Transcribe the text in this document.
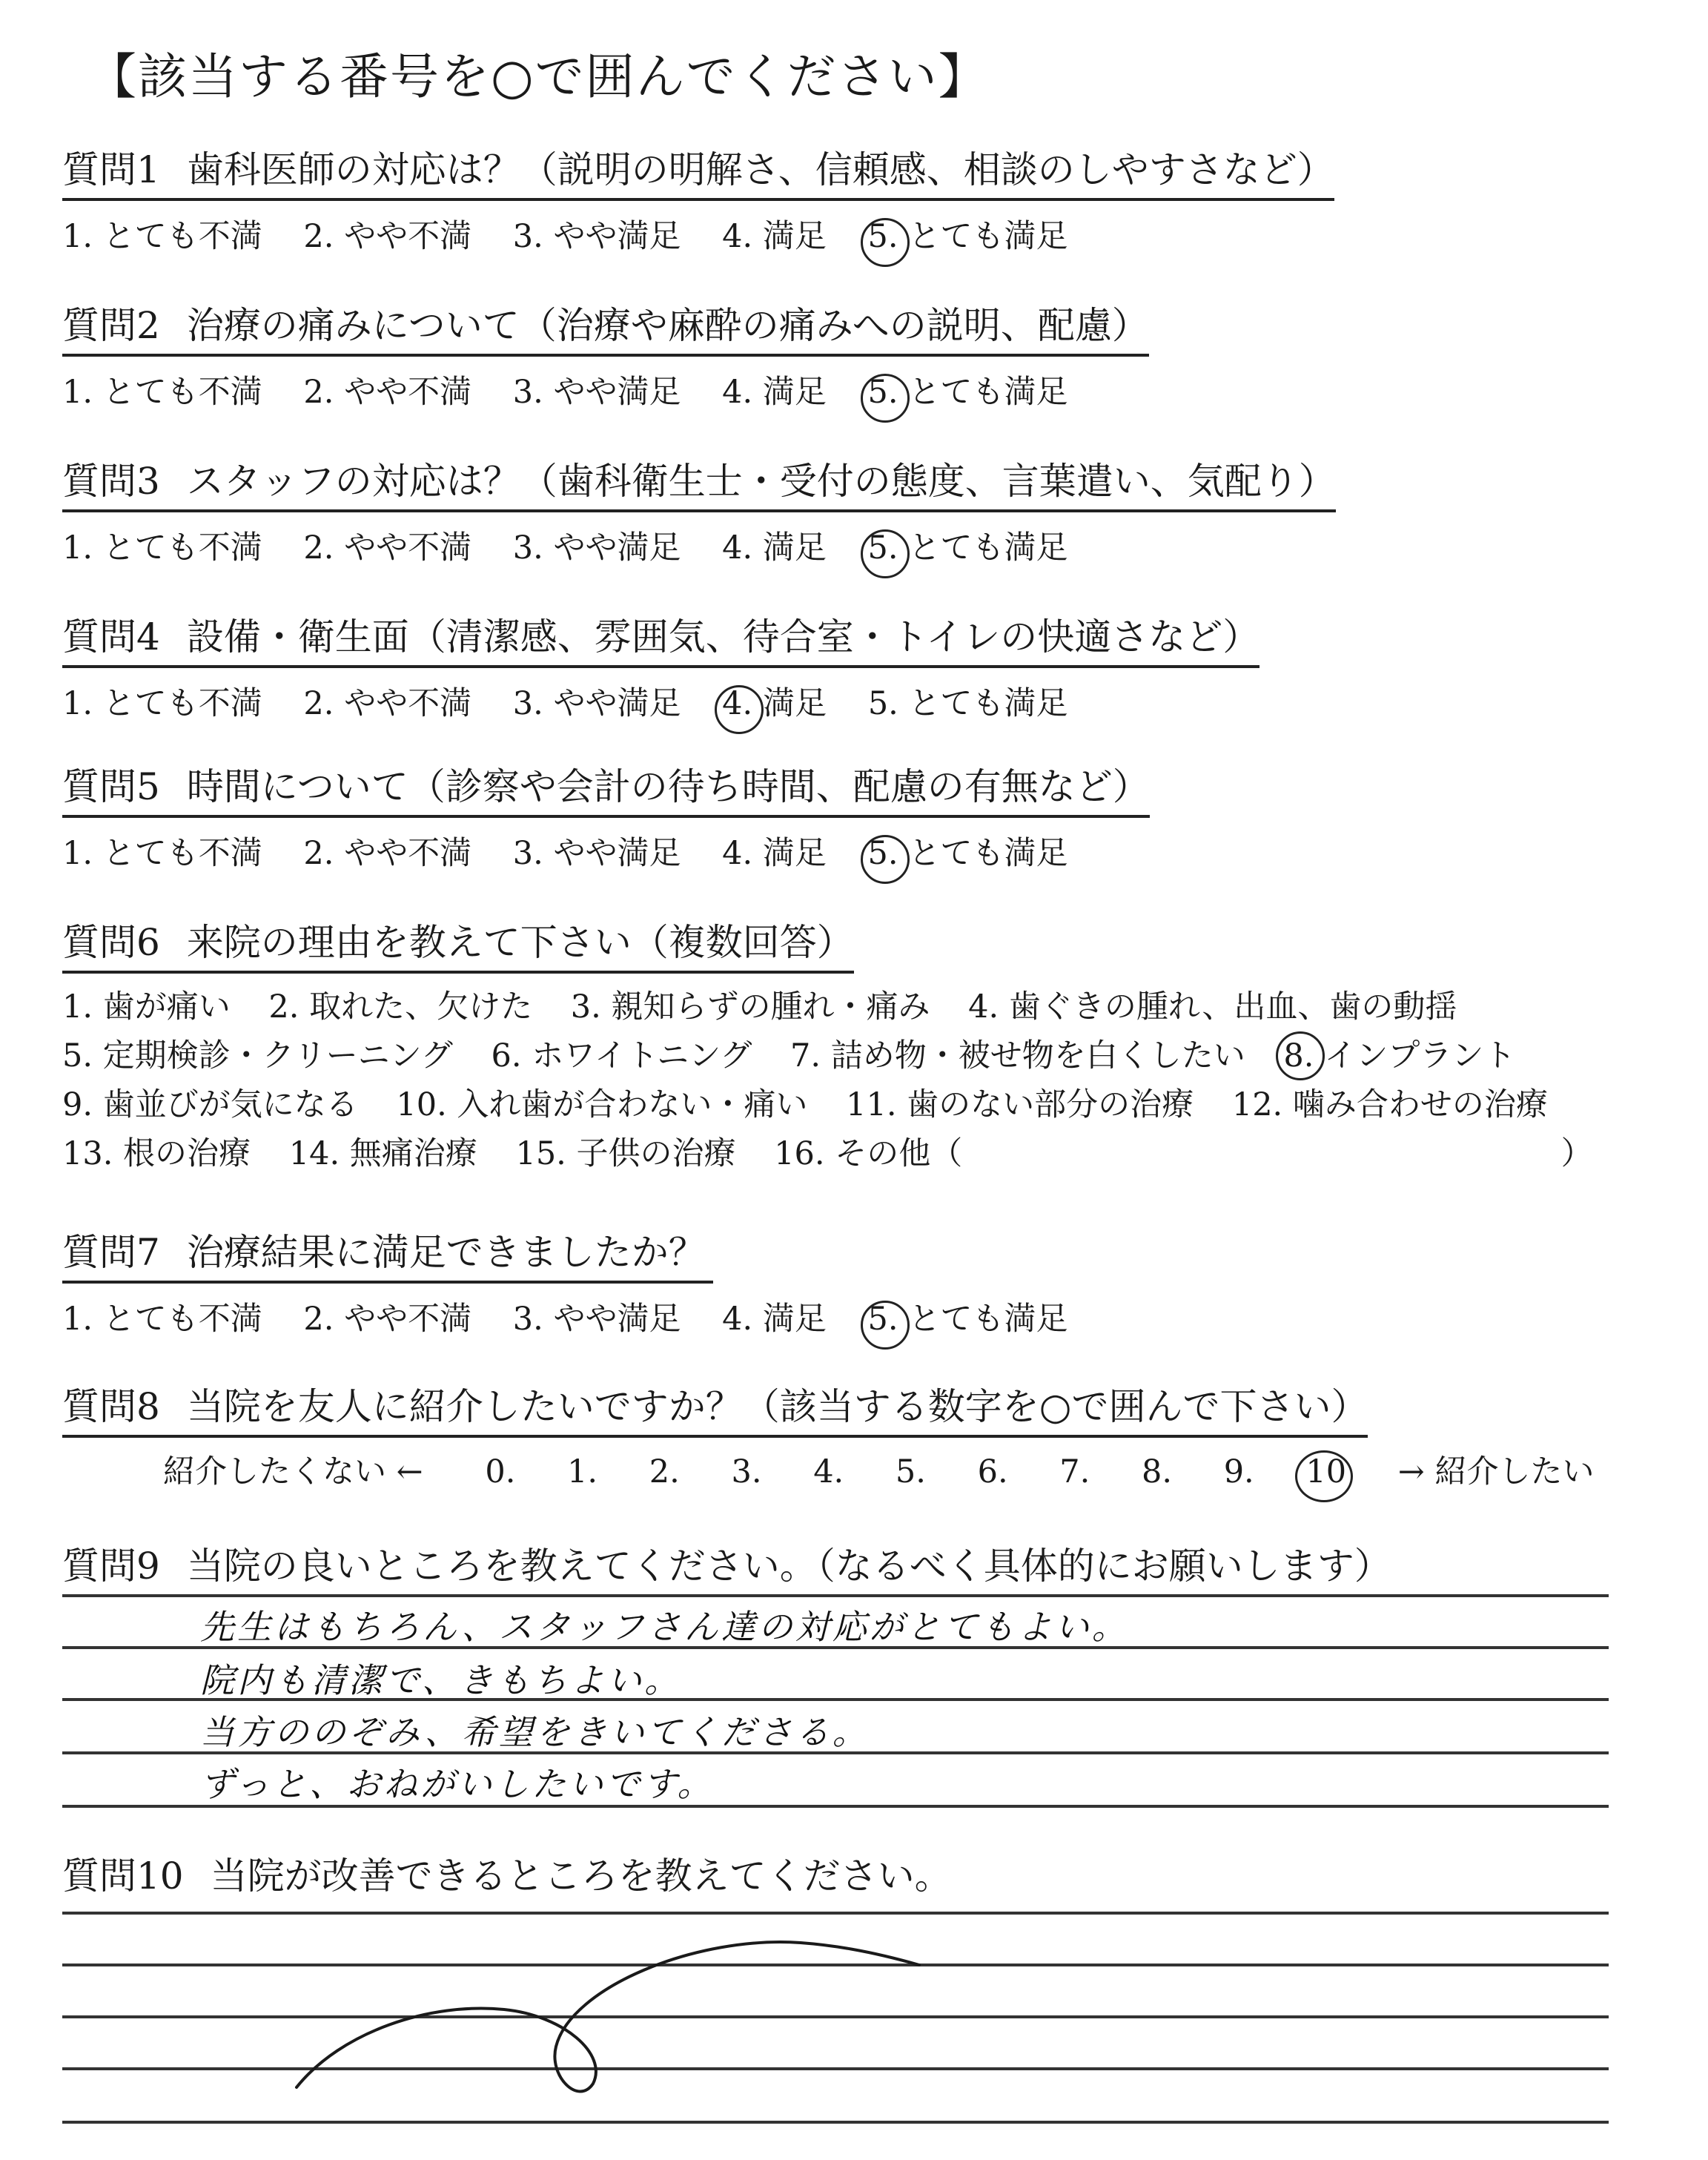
【該当する番号を○で囲んでください】
質問1 歯科医師の対応は？（説明の明解さ、信頼感、相談のしやすさなど）
1. とても不満 2. やや不満 3. やや満足 4. 満足 5. とても満足
質問2 治療の痛みについて（治療や麻酔の痛みへの説明、配慮）
1. とても不満 2. やや不満 3. やや満足 4. 満足 5. とても満足
質問3 スタッフの対応は？（歯科衛生士・受付の態度、言葉遣い、気配り）
1. とても不満 2. やや不満 3. やや満足 4. 満足 5. とても満足
質問4 設備・衛生面（清潔感、雰囲気、待合室・トイレの快適さなど）
1. とても不満 2. やや不満 3. やや満足 4. 満足 5. とても満足
質問5 時間について（診察や会計の待ち時間、配慮の有無など）
1. とても不満 2. やや不満 3. やや満足 4. 満足 5. とても満足
質問6 来院の理由を教えて下さい（複数回答）
1. 歯が痛い 2. 取れた、欠けた 3. 親知らずの腫れ・痛み 4. 歯ぐきの腫れ、出血、歯の動揺
5. 定期検診・クリーニング 6. ホワイトニング 7. 詰め物・被せ物を白くしたい 8. インプラント
9. 歯並びが気になる 10. 入れ歯が合わない・痛い 11. 歯のない部分の治療 12. 噛み合わせの治療
13. 根の治療 14. 無痛治療 15. 子供の治療 16. その他（	）
質問7 治療結果に満足できましたか？
1. とても不満 2. やや不満 3. やや満足 4. 満足 5. とても満足
質問8 当院を友人に紹介したいですか？（該当する数字を○で囲んで下さい）
紹介したくない ← 0. 1. 2. 3. 4. 5. 6. 7. 8. 9. 10 → 紹介したい
質問9 当院の良いところを教えてください。（なるべく具体的にお願いします）
先生はもちろん、スタッフさん達の対応がとてもよい。
院内も清潔で、きもちよい。
当方ののぞみ、希望をきいてくださる。
ずっと、おねがいしたいです。
質問10 当院が改善できるところを教えてください。
